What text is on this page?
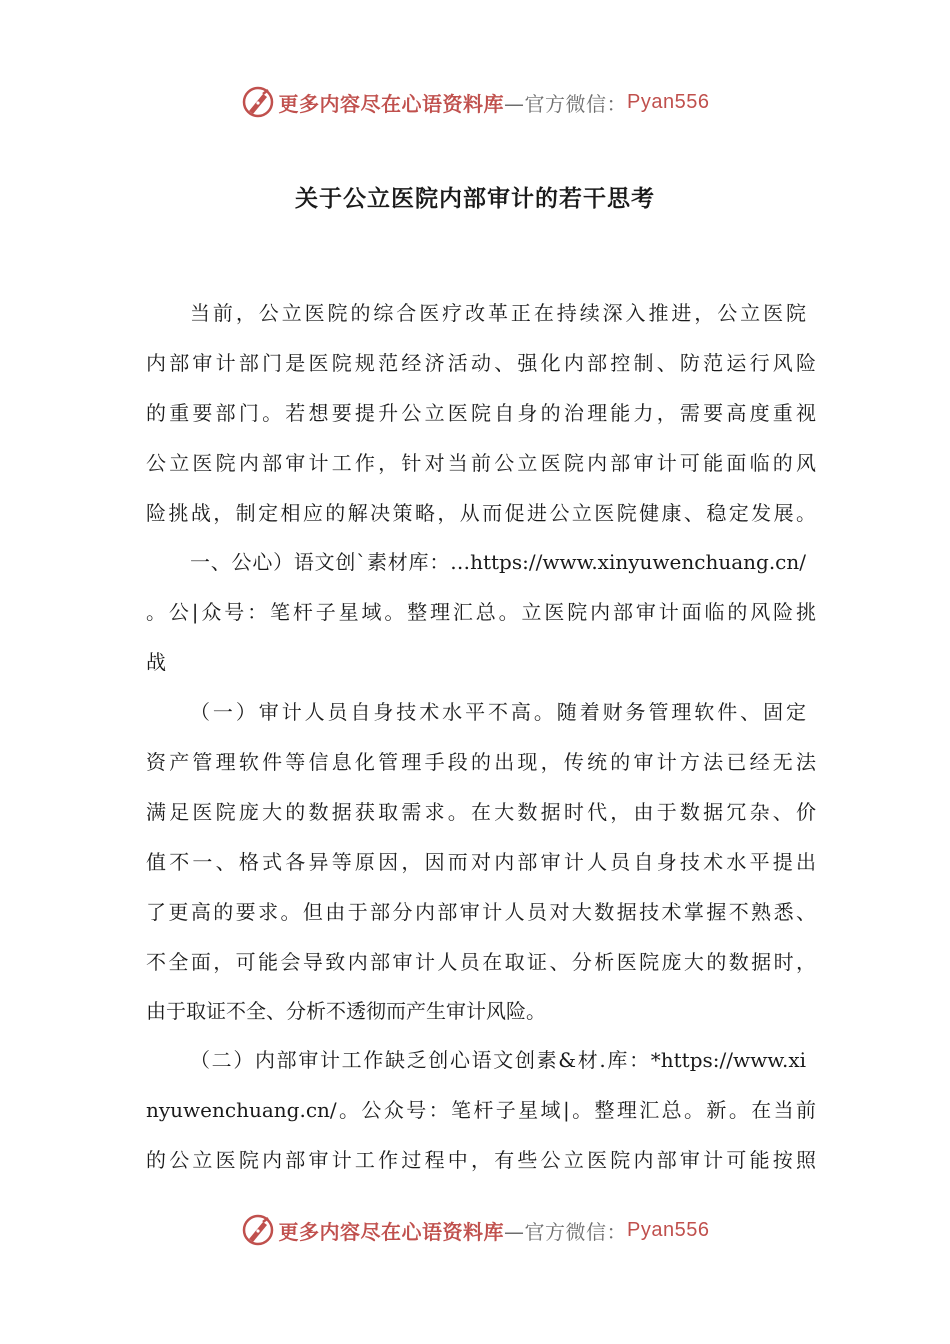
更多内容尽在心语资料库 —官方微信： Pyan556
关于公立医院内部审计的若干思考
当前，公立医院的综合医疗改革正在持续深入推进，公立医院
内部审计部门是医院规范经济活动、强化内部控制、防范运行风险
的重要部门。若想要提升公立医院自身的治理能力，需要高度重视
公立医院内部审计工作，针对当前公立医院内部审计可能面临的风
险挑战，制定相应的解决策略，从而促进公立医院健康、稳定发展。
一、公心）语文创`素材库：…https://www.xinyuwenchuang.cn/
。公|众号：笔杆子星域。整理汇总。立医院内部审计面临的风险挑
战
（一）审计人员自身技术水平不高。随着财务管理软件、固定
资产管理软件等信息化管理手段的出现，传统的审计方法已经无法
满足医院庞大的数据获取需求。在大数据时代，由于数据冗杂、价
值不一、格式各异等原因，因而对内部审计人员自身技术水平提出
了更高的要求。但由于部分内部审计人员对大数据技术掌握不熟悉、
不全面，可能会导致内部审计人员在取证、分析医院庞大的数据时，
由于取证不全、分析不透彻而产生审计风险。
（二）内部审计工作缺乏创心语文创素&材.库：*https://www.xi
nyuwenchuang.cn/。公众号：笔杆子星域|。整理汇总。新。在当前
的公立医院内部审计工作过程中，有些公立医院内部审计可能按照
更多内容尽在心语资料库 —官方微信： Pyan556
